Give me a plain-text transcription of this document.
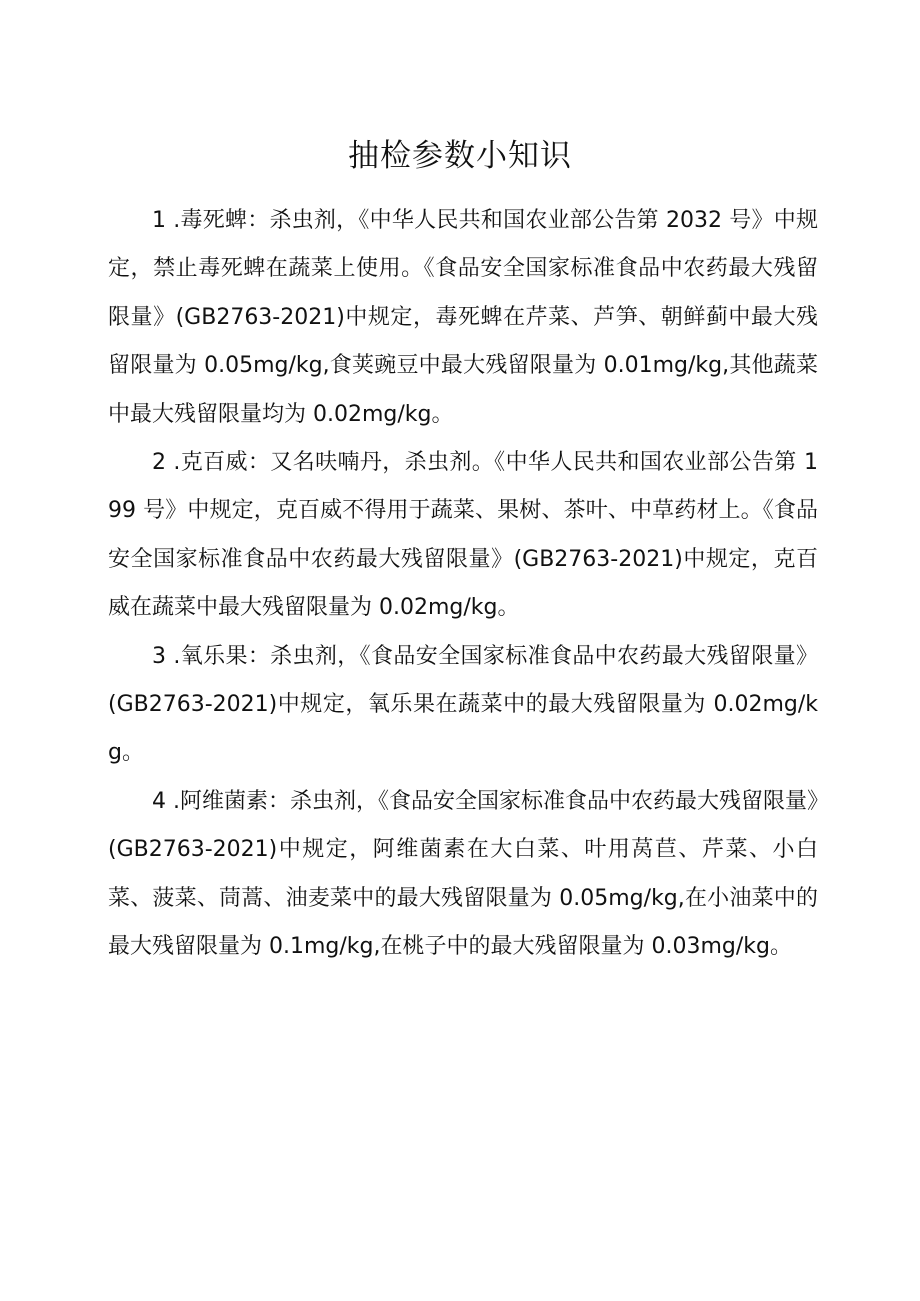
抽检参数小知识

1 .毒死蜱：杀虫剂，《中华人民共和国农业部公告第 2032 号》中规定，禁止毒死蜱在蔬菜上使用。《食品安全国家标准食品中农药最大残留限量》(GB2763-2021)中规定，毒死蜱在芹菜、芦笋、朝鲜蓟中最大残留限量为 0.05mg/kg,食荚豌豆中最大残留限量为 0.01mg/kg,其他蔬菜中最大残留限量均为 0.02mg/kg。

2 .克百威：又名呋喃丹，杀虫剂。《中华人民共和国农业部公告第 199 号》中规定，克百威不得用于蔬菜、果树、茶叶、中草药材上。《食品安全国家标准食品中农药最大残留限量》(GB2763-2021)中规定，克百威在蔬菜中最大残留限量为 0.02mg/kg。

3 .氧乐果：杀虫剂，《食品安全国家标准食品中农药最大残留限量》(GB2763-2021)中规定，氧乐果在蔬菜中的最大残留限量为 0.02mg/kg。

4 .阿维菌素：杀虫剂，《食品安全国家标准食品中农药最大残留限量》(GB2763-2021)中规定，阿维菌素在大白菜、叶用莴苣、芹菜、小白菜、菠菜、茼蒿、油麦菜中的最大残留限量为 0.05mg/kg,在小油菜中的最大残留限量为 0.1mg/kg,在桃子中的最大残留限量为 0.03mg/kg。
